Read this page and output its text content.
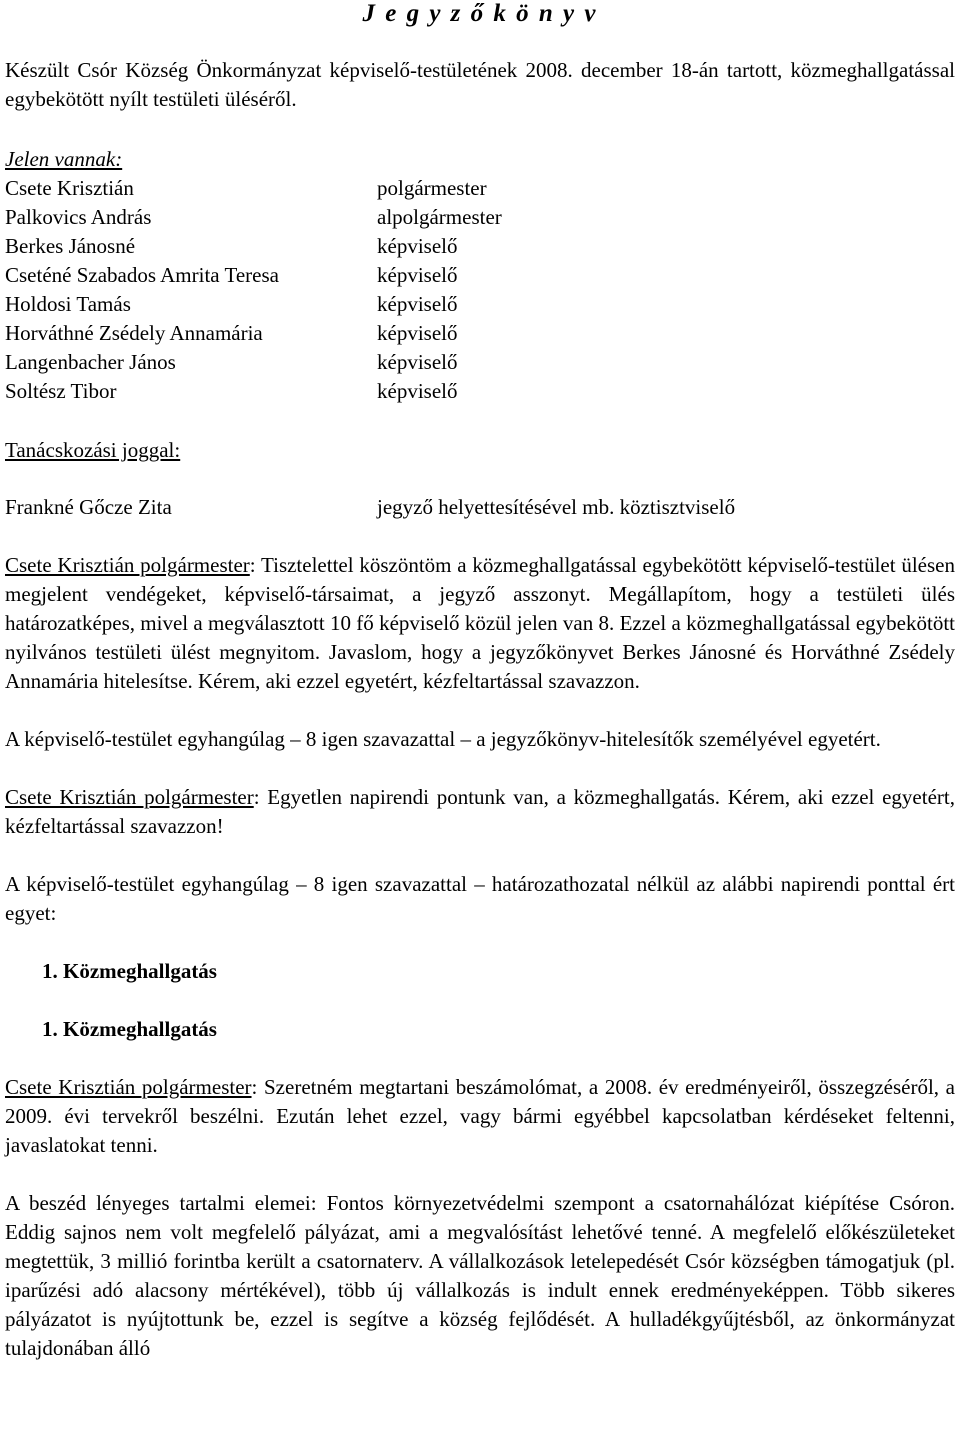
J e g y z ő k ö n y v
Készült Csór Község Önkormányzat képviselő-testületének 2008. december 18-án tartott, közmeghallgatással egybekötött nyílt testületi üléséről.
Jelen vannak:
Csete Krisztián	polgármester
Palkovics András	alpolgármester
Berkes Jánosné	képviselő
Cseténé Szabados Amrita Teresa	képviselő
Holdosi Tamás	képviselő
Horváthné Zsédely Annamária	képviselő
Langenbacher János	képviselő
Soltész Tibor	képviselő
Tanácskozási joggal:
Frankné Gőcze Zita	jegyző helyettesítésével mb. köztisztviselő
Csete Krisztián polgármester: Tisztelettel köszöntöm a közmeghallgatással egybekötött képviselő-testület ülésen megjelent vendégeket, képviselő-társaimat, a jegyző asszonyt. Megállapítom, hogy a testületi ülés határozatképes, mivel a megválasztott 10 fő képviselő közül jelen van 8. Ezzel a közmeghallgatással egybekötött nyilvános testületi ülést megnyitom. Javaslom, hogy a jegyzőkönyvet Berkes Jánosné és Horváthné Zsédely Annamária hitelesítse. Kérem, aki ezzel egyetért, kézfeltartással szavazzon.
A képviselő-testület egyhangúlag – 8 igen szavazattal – a jegyzőkönyv-hitelesítők személyével egyetért.
Csete Krisztián polgármester: Egyetlen napirendi pontunk van, a közmeghallgatás. Kérem, aki ezzel egyetért, kézfeltartással szavazzon!
A képviselő-testület egyhangúlag – 8 igen szavazattal – határozathozatal nélkül az alábbi napirendi ponttal ért egyet:
1. Közmeghallgatás
1. Közmeghallgatás
Csete Krisztián polgármester: Szeretném megtartani beszámolómat, a 2008. év eredményeiről, összegzéséről, a 2009. évi tervekről beszélni. Ezután lehet ezzel, vagy bármi egyébbel kapcsolatban kérdéseket feltenni, javaslatokat tenni.
A beszéd lényeges tartalmi elemei: Fontos környezetvédelmi szempont a csatornahálózat kiépítése Csóron. Eddig sajnos nem volt megfelelő pályázat, ami a megvalósítást lehetővé tenné. A megfelelő előkészületeket megtettük, 3 millió forintba került a csatornaterv. A vállalkozások letelepedését Csór községben támogatjuk (pl. iparűzési adó alacsony mértékével), több új vállalkozás is indult ennek eredményeképpen. Több sikeres pályázatot is nyújtottunk be, ezzel is segítve a község fejlődését. A hulladékgyűjtésből, az önkormányzat tulajdonában álló
